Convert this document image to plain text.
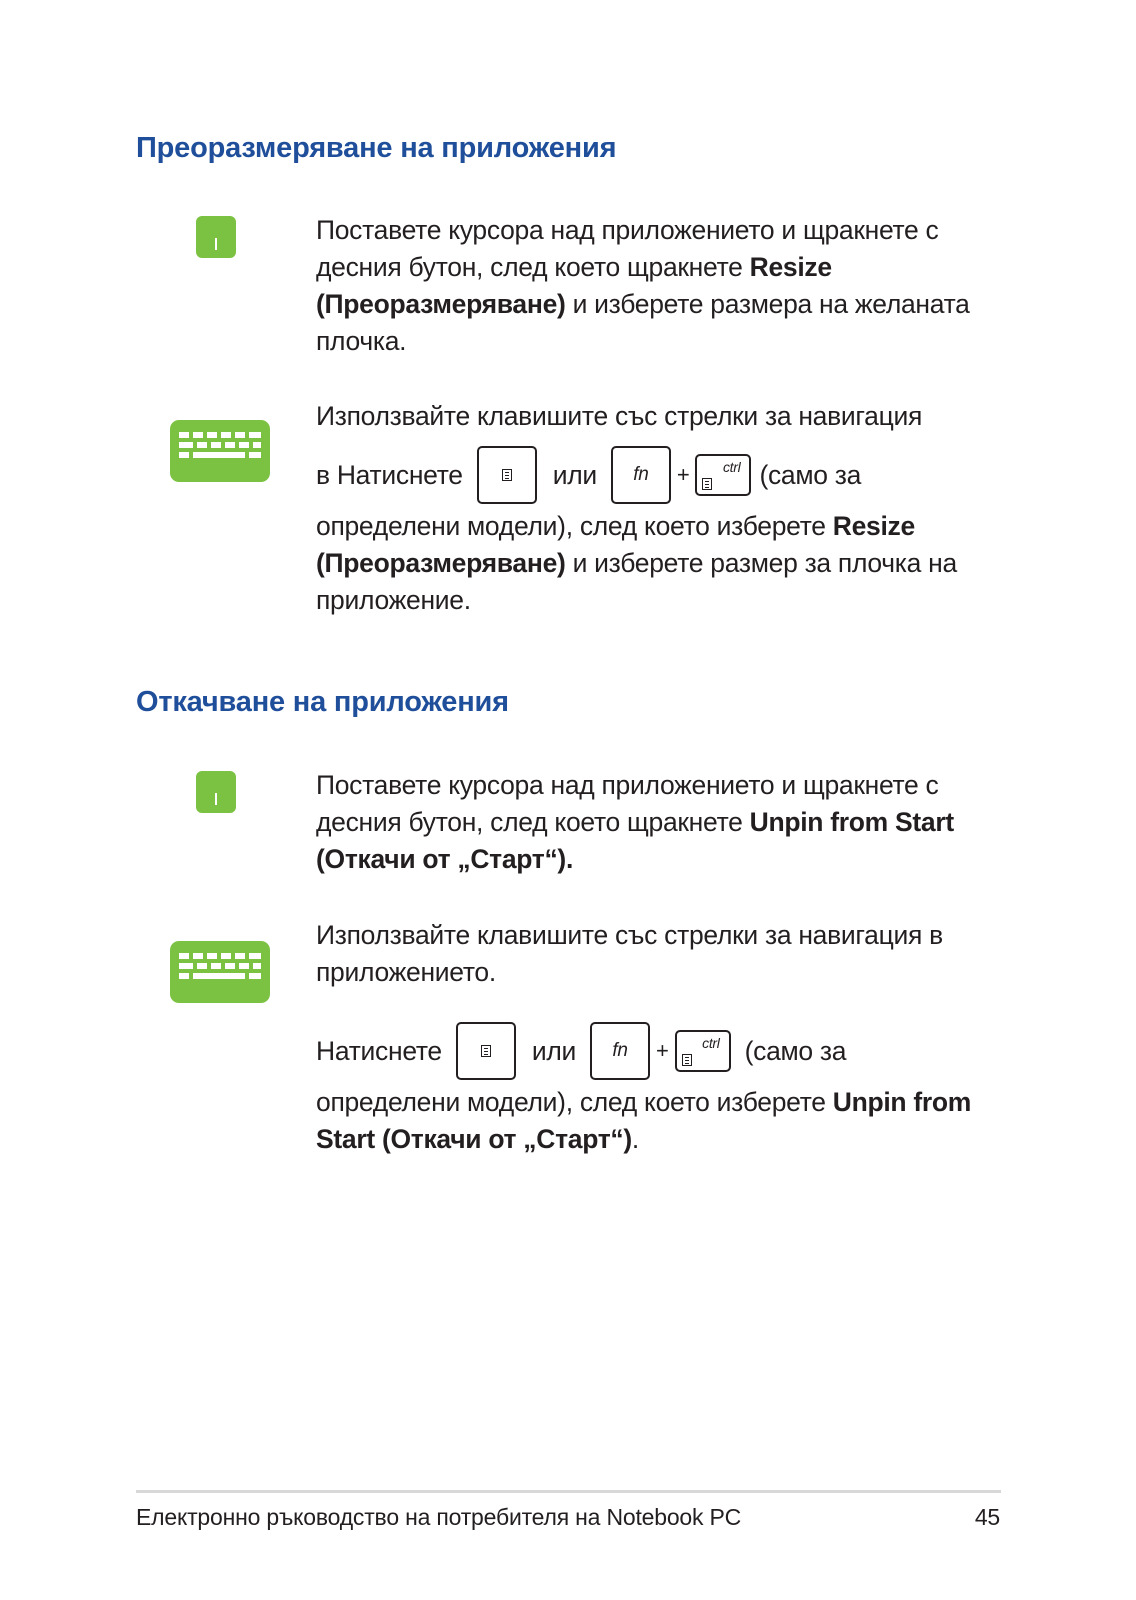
Преоразмеряване на приложения

Поставете курсора над приложението и щракнете с десния бутон, след което щракнете Resize (Преоразмеряване) и изберете размера на желаната плочка.

Използвайте клавишите със стрелки за навигация

в Натиснете	или fn + ctrl (само за

определени модели), след което изберете Resize (Преоразмеряване) и изберете размер за плочка на приложение.

Откачване на приложения

Поставете курсора над приложението и щракнете с десния бутон, след което щракнете Unpin from Start (Откачи от „Старт“).

Използвайте клавишите със стрелки за навигация в приложението.

Натиснете	или fn + ctrl (само за

определени модели), след което изберете Unpin from Start (Откачи от „Старт“).

Електронно ръководство на потребителя на Notebook PC	45
